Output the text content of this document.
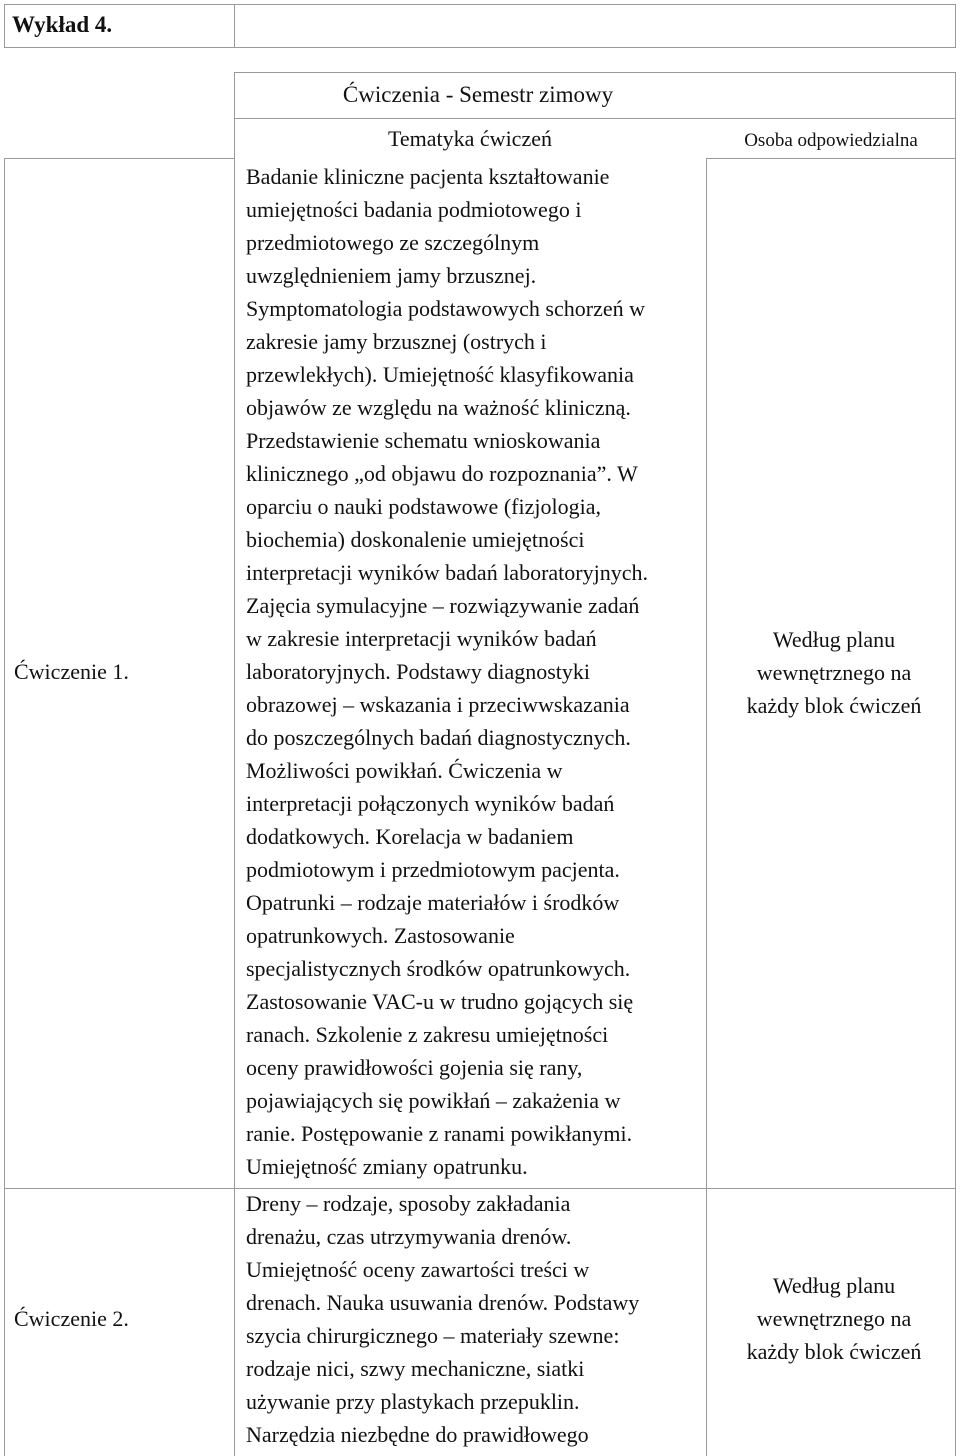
Wykład 4.
Ćwiczenia - Semestr zimowy
Tematyka ćwiczeń	Osoba odpowiedzialna
Ćwiczenie 1.
Badanie kliniczne pacjenta kształtowanie
umiejętności badania podmiotowego i
przedmiotowego ze szczególnym
uwzględnieniem jamy brzusznej.
Symptomatologia podstawowych schorzeń w
zakresie jamy brzusznej (ostrych i
przewlekłych). Umiejętność klasyfikowania
objawów ze względu na ważność kliniczną.
Przedstawienie schematu wnioskowania
klinicznego „od objawu do rozpoznania”. W
oparciu o nauki podstawowe (fizjologia,
biochemia) doskonalenie umiejętności
interpretacji wyników badań laboratoryjnych.
Zajęcia symulacyjne – rozwiązywanie zadań
w zakresie interpretacji wyników badań
laboratoryjnych. Podstawy diagnostyki
obrazowej – wskazania i przeciwwskazania
do poszczególnych badań diagnostycznych.
Możliwości powikłań. Ćwiczenia w
interpretacji połączonych wyników badań
dodatkowych. Korelacja w badaniem
podmiotowym i przedmiotowym pacjenta.
Opatrunki – rodzaje materiałów i środków
opatrunkowych. Zastosowanie
specjalistycznych środków opatrunkowych.
Zastosowanie VAC-u w trudno gojących się
ranach. Szkolenie z zakresu umiejętności
oceny prawidłowości gojenia się rany,
pojawiających się powikłań – zakażenia w
ranie. Postępowanie z ranami powikłanymi.
Umiejętność zmiany opatrunku.
Według planu
wewnętrznego na
każdy blok ćwiczeń
Ćwiczenie 2.
Dreny – rodzaje, sposoby zakładania
drenażu, czas utrzymywania drenów.
Umiejętność oceny zawartości treści w
drenach. Nauka usuwania drenów. Podstawy
szycia chirurgicznego – materiały szewne:
rodzaje nici, szwy mechaniczne, siatki
używanie przy plastykach przepuklin.
Narzędzia niezbędne do prawidłowego
Według planu
wewnętrznego na
każdy blok ćwiczeń
